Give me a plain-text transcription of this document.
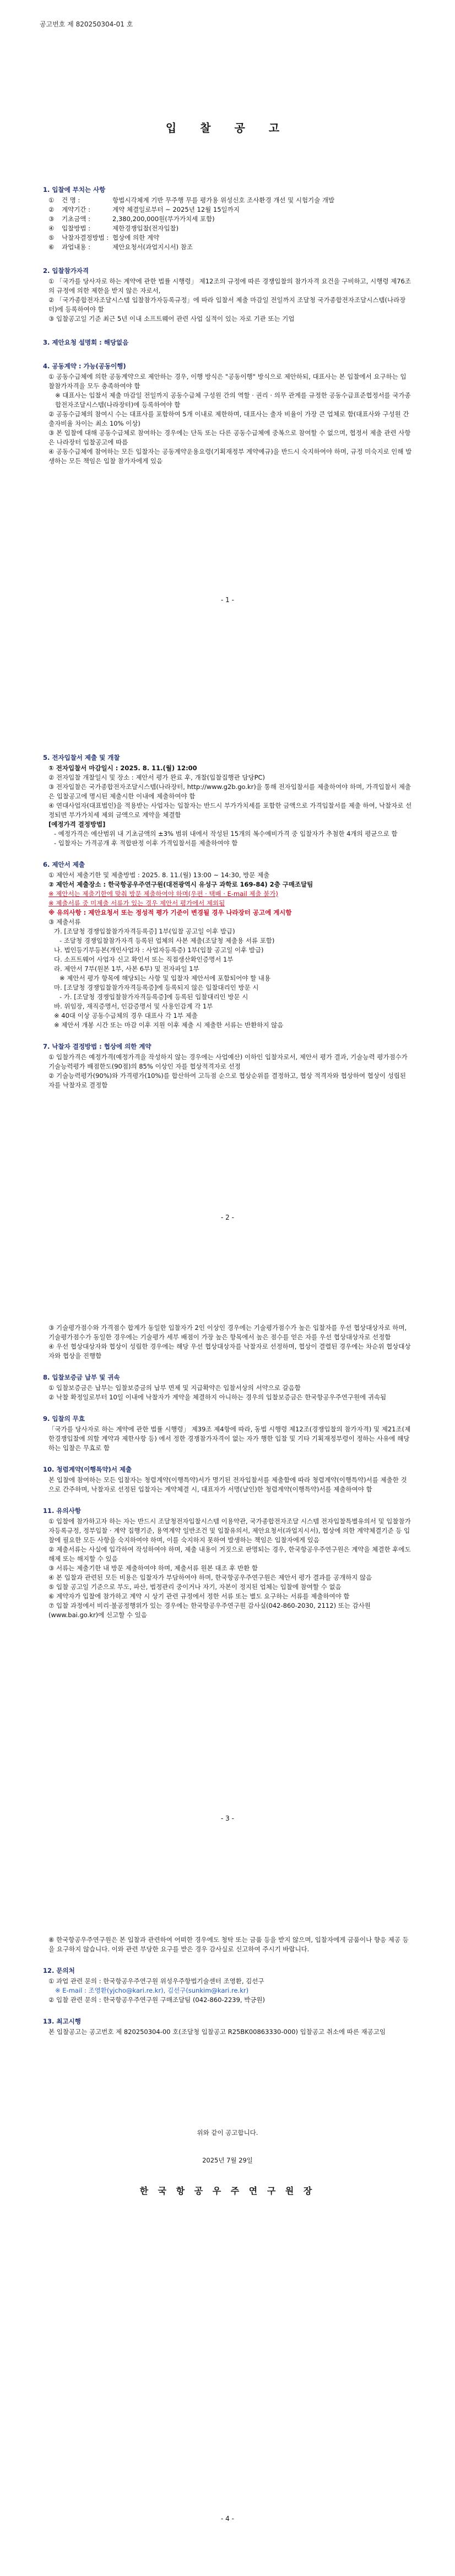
공고번호 제 820250304-01 호
입 찰 공 고
1. 입찰에 부치는 사항
①	건 명 :	항법시각체계 기반 무주행 무를 평가용 위성신호 조사환경 개선 및 시험기술 개발
②	계약기간 :	계약 체결일로부터 ~ 2025년 12월 15일까지
③	기초금액 :	2,380,200,000원(부가가치세 포함)
④	입찰방법 :	제한경쟁입찰(전자입찰)
⑤	낙찰자결정방법 : 협상에 의한 계약
⑥	과업내용 :	제안요청서(과업지시서) 참조
2. 입찰참가자격

① 「국가를 당사자로 하는 계약에 관한 법률 시행령」 제12조의 규정에 따른 경쟁입찰의 참가자격 요건을 구비하고, 시행령 제76조의 규정에 의한 제한을 받지 않은 자로서,

② 「국가종합전자조달시스템 입찰참가자등록규정」에 따라 입찰서 제출 마감일 전일까지 조달청 국가종합전자조달시스템(나라장터)에 등록하여야 함

③ 입찰공고일 기준 최근 5년 이내 소프트웨어 관련 사업 실적이 있는 자로 기관 또는 기업

3. 제안요청 설명회 : 해당없음
4. 공동계약 : 가능(공동이행)

① 공동수급체에 의한 공동계약으로 제안하는 경우, 이행 방식은 "공동이행" 방식으로 제안하되, 대표사는 본 입찰에서 요구하는 입찰참가자격을 모두 충족하여야 함

※ 대표사는 입찰서 제출 마감일 전일까지 공동수급체 구성원 간의 역할 · 권리 · 의무 관계를 규정한 공동수급표준협정서를 국가종합전자조달시스템(나라장터)에 등록하여야 함

② 공동수급체의 참여시 수는 대표사를 포함하여 5개 이내로 제한하며, 대표사는 출자 비율이 가장 큰 업체로 함(대표사와 구성원 간 출자비율 차이는 최소 10% 이상)

③ 본 입찰에 대해 공동수급체로 참여하는 경우에는 단독 또는 다른 공동수급체에 중복으로 참여할 수 없으며, 협정서 제출 관련 사항은 나라장터 입찰공고에 따름

④ 공동수급체에 참여하는 모든 입찰자는 공동계약운용요령(기획재정부 계약예규)을 반드시 숙지하여야 하며, 규정 미숙지로 인해 발생하는 모든 책임은 입찰 참가자에게 있음

- 1 -
5. 전자입찰서 제출 및 개찰

① 전자입찰서 마감일시 : 2025. 8. 11.(월) 12:00

② 전자입찰 개찰일시 및 장소 : 제안서 평가 완료 후, 개찰(입찰집행관 담당PC)

③ 전자입찰은 국가종합전자조달시스템(나라장터, http://www.g2b.go.kr)을 통해 전자입찰서를 제출하여야 하며, 가격입찰서 제출은 입찰공고에 명시된 제출시한 이내에 제출하여야 함

④ 연대사업자(대표법인)을 적용받는 사업자는 입찰자는 반드시 부가가치세를 포함한 금액으로 가격입찰서를 제출 하여, 낙찰자로 선정되면 부가가치세 제외 금액으로 계약을 체결함

[예정가격 결정방법]

- 예정가격은 예산범위 내 기초금액의 ±3% 범위 내에서 작성된 15개의 복수예비가격 중 입찰자가 추첨한 4개의 평균으로 함

- 입찰자는 가격공개 후 적합판정 이후 가격입찰서를 제출하여야 함

6. 제안서 제출

① 제안서 제출기한 및 제출방법 : 2025. 8. 11.(월) 13:00 ~ 14:30, 방문 제출

② 제안서 제출장소 : 한국항공우주연구원(대전광역시 유성구 과학로 169-84) 2층 구매조달팀

※ 제안서는 제출기한에 맞춰 방문 제출하여야 하며(우편 · 택배 · E-mail 제출 불가)

※ 제출서류 중 미제출 서류가 있는 경우 제안서 평가에서 제외됨

※ 유의사항 : 제안요청서 또는 정성적 평가 기준이 변경될 경우 나라장터 공고에 게시함

③ 제출서류

가. [조달청 경쟁입찰참가자격등록증] 1부(입찰 공고일 이후 발급)

- 조달청 경쟁입찰참가자격 등록된 업체의 사본 제출(조달청 제출용 서류 포함)

나. 법인등기부등본(개인사업자 : 사업자등록증) 1부(입찰 공고일 이후 발급)

다. 소프트웨어 사업자 신고 확인서 또는 직접생산확인증명서 1부

라. 제안서 7부(원본 1부, 사본 6부) 및 전자파일 1부

※ 제안서 평가 항목에 해당되는 사항 및 입찰자 제안서에 포함되어야 할 내용

마. [조달청 경쟁입찰참가자격등록증]에 등록되지 않은 입찰대리인 방문 시

- 가. [조달청 경쟁입찰참가자격등록증]에 등록된 입찰대리인 방문 시

바. 위임장, 재직증명서, 인감증명서 및 사용인감계 각 1부

※ 40대 이상 공동수급체의 경우 대표사 각 1부 제출

※ 제안서 개봉 시간 또는 마감 이후 지원 이후 제출 시 제출한 서류는 반환하지 않음

7. 낙찰자 결정방법 : 협상에 의한 계약

① 입찰가격은 예정가격(예정가격을 작성하지 않는 경우에는 사업예산) 이하인 입찰자로서, 제안서 평가 결과, 기술능력 평가점수가 기술능력평가 배점한도(90점)의 85% 이상인 자를 협상적격자로 선정

② 기술능력평가(90%)와 가격평가(10%)를 합산하여 고득점 순으로 협상순위를 결정하고, 협상 적격자와 협상하여 협상이 성립된 자를 낙찰자로 결정함

- 2 -

③ 기술평가점수와 가격점수 합계가 동일한 입찰자가 2인 이상인 경우에는 기술평가점수가 높은 입찰자를 우선 협상대상자로 하며, 기술평가점수가 동일한 경우에는 기술평가 세부 배점이 가장 높은 항목에서 높은 점수를 얻은 자를 우선 협상대상자로 선정함

④ 우선 협상대상자와 협상이 성립한 경우에는 해당 우선 협상대상자를 낙찰자로 선정하며, 협상이 결렬된 경우에는 차순위 협상대상자와 협상을 진행함

8. 입찰보증금 납부 및 귀속

① 입찰보증금은 납부는 입찰보증금의 납부 면제 및 지급확약은 입찰서상의 서약으로 갈음함

② 낙찰 확정일로부터 10일 이내에 낙찰자가 계약을 체결하지 아니하는 경우의 입찰보증금은 한국항공우주연구원에 귀속됨

9. 입찰의 무효

「국가를 당사자로 하는 계약에 관한 법률 시행령」 제39조 제4항에 따라, 동법 시행령 제12조(경쟁입찰의 참가자격) 및 제21조(제한경쟁입찰에 의할 계약과 제한사항 등) 에서 정한 경쟁참가자격이 없는 자가 행한 입찰 및 기타 기획재정부령이 정하는 사유에 해당하는 입찰은 무효로 함

10. 청렴계약(이행특약)서 제출

본 입찰에 참여하는 모든 입찰자는 청렴계약(이행특약)서가 명기된 전자입찰서를 제출함에 따라 청렴계약(이행특약)서를 제출한 것으로 간주하며, 낙찰자로 선정된 입찰자는 계약체결 시, 대표자가 서명(날인)한 청렴계약(이행특약)서를 제출하여야 함

11. 유의사항

① 입찰에 참가하고자 하는 자는 반드시 조달청전자입찰시스템 이용약관, 국가종합전자조달 시스템 전자입찰특별유의서 및 입찰참가자등록규정, 정부입찰 · 계약 집행기준, 용역계약 일반조건 및 입찰유의서, 제안요청서(과업지시서), 협상에 의한 계약체결기준 등 입찰에 필요한 모든 사항을 숙지하여야 하며, 이를 숙지하지 못하여 발생하는 책임은 입찰자에게 있음

② 제출서류는 사실에 입각하여 작성하여야 하며, 제출 내용이 거짓으로 판명되는 경우, 한국항공우주연구원은 계약을 체결한 후에도 해제 또는 해지할 수 있음

③ 서류는 제출기한 내 방문 제출하여야 하며, 제출서류 원본 대조 후 반환 함

④ 본 입찰과 관련된 모든 비용은 입찰자가 부담하여야 하며, 한국항공우주연구원은 제안서 평가 결과를 공개하지 않음

⑤ 입찰 공고일 기준으로 부도, 파산, 법정관리 중이거나 자기, 자본이 정지된 업체는 입찰에 참여할 수 없음

⑥ 계약자가 입찰에 참가하고 계약 시 상기 관련 규정에서 정한 서류 또는 별도 요구하는 서류를 제출하여야 함

⑦ 입찰 과정에서 비리·불공정행위가 있는 경우에는 한국항공우주연구원 감사실(042-860-2030, 2112) 또는 감사원(www.bai.go.kr)에 신고할 수 있음

- 3 -

⑧ 한국항공우주연구원은 본 입찰과 관련하여 어떠한 경우에도 청탁 또는 금품 등을 받지 않으며, 입찰자에게 금품이나 향응 제공 등을 요구하지 않습니다. 이와 관련 부당한 요구를 받은 경우 감사실로 신고하여 주시기 바랍니다.

12. 문의처

① 과업 관련 문의 : 한국항공우주연구원 위성우주항법기술센터 조영환, 김선구

※ E-mail : 조영환(yjcho@kari.re.kr), 김선구(sunkim@kari.re.kr)

② 입찰 관련 문의 : 한국항공우주연구원 구매조달팀 (042-860-2239, 박긍원)

13. 최고시행

본 입찰공고는 공고번호 제 820250304-00 호(조달청 입찰공고 R25BK00863330-000) 입찰공고 취소에 따른 재공고임

위와 같이 공고합니다.
2025년 7월 29일
한 국 항 공 우 주 연 구 원 장
- 4 -
